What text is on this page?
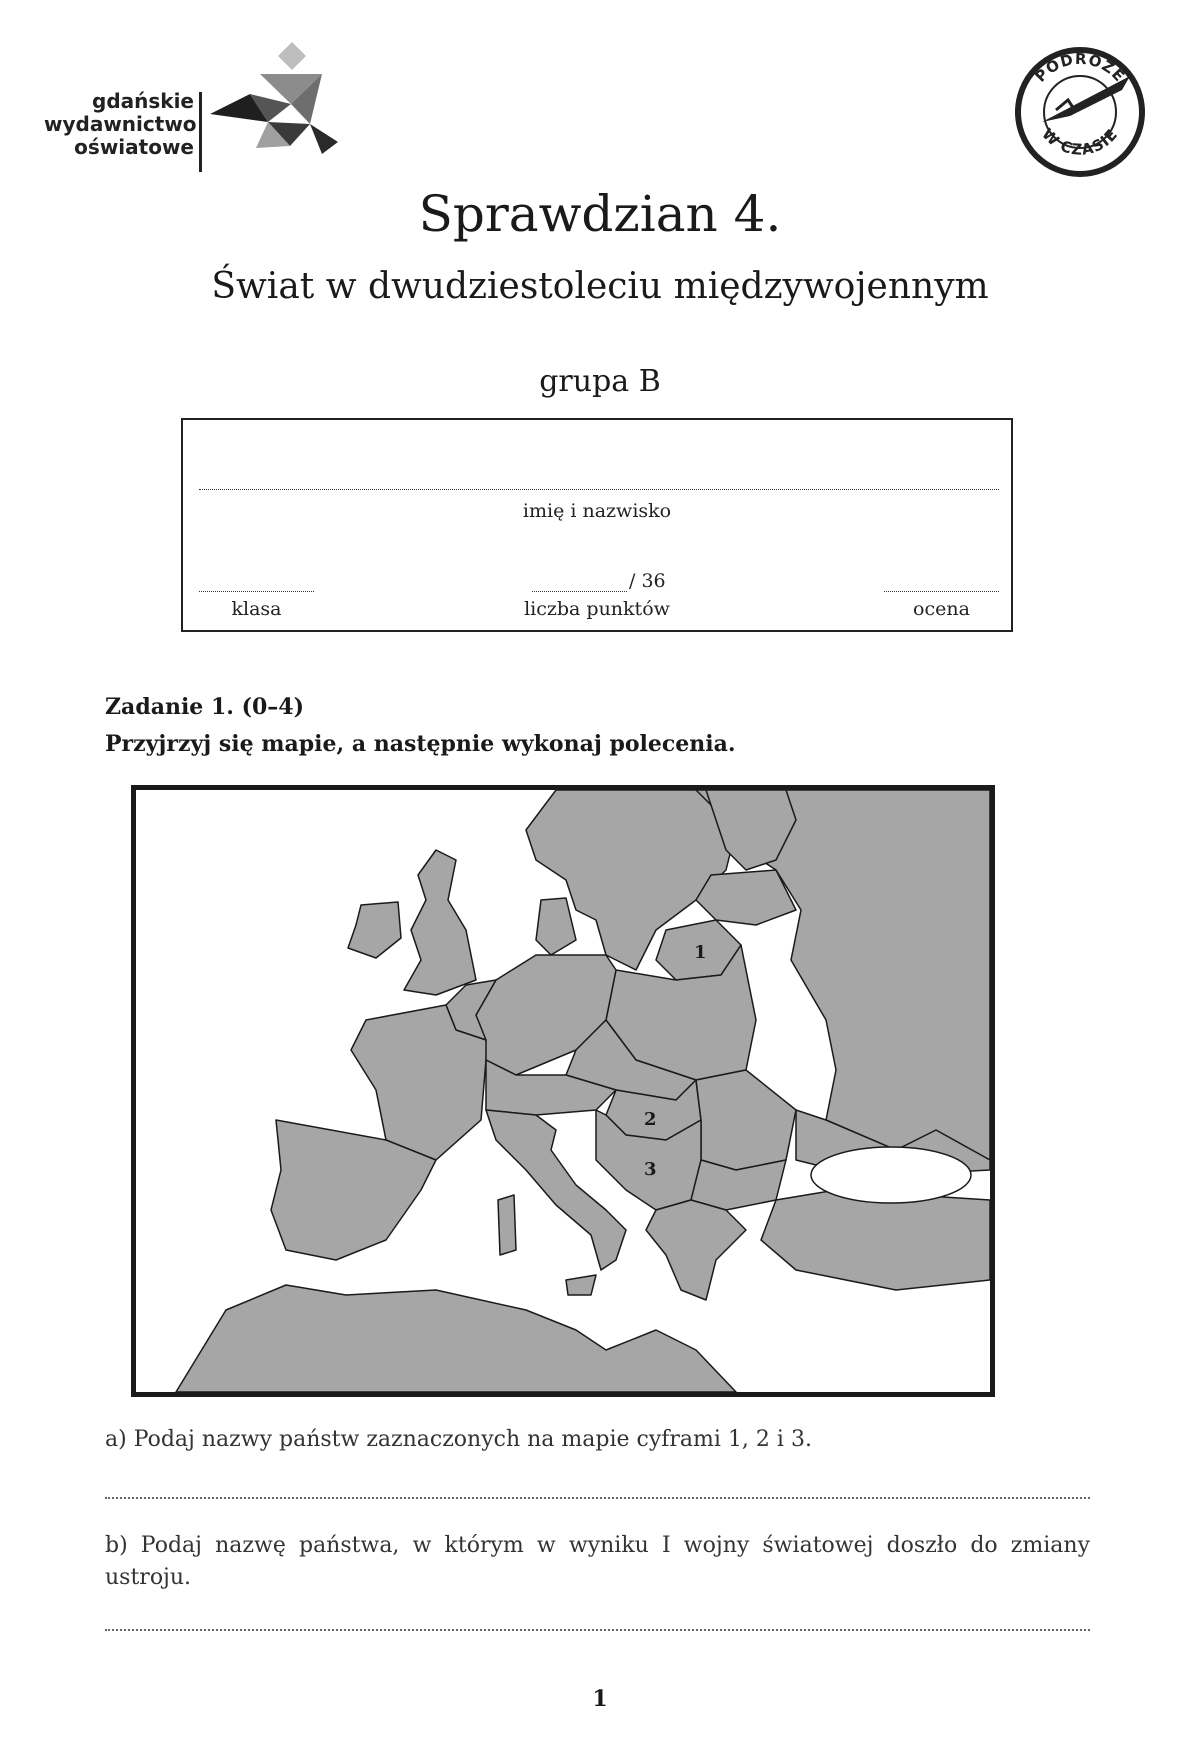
gdańskie
wydawnictwo
oświatowe
PODRÓŻE
W CZASIE
Sprawdzian 4.
Świat w dwudziestoleciu międzywojennym
grupa B
imię i nazwisko
klasa
/ 36
liczba punktów	ocena
Zadanie 1. (0–4)
Przyjrzyj się mapie, a następnie wykonaj polecenia.
1
2
3
a) Podaj nazwy państw zaznaczonych na mapie cyframi 1, 2 i 3.
b) Podaj nazwę państwa, w którym w wyniku I wojny światowej doszło do zmiany ustroju.
1
